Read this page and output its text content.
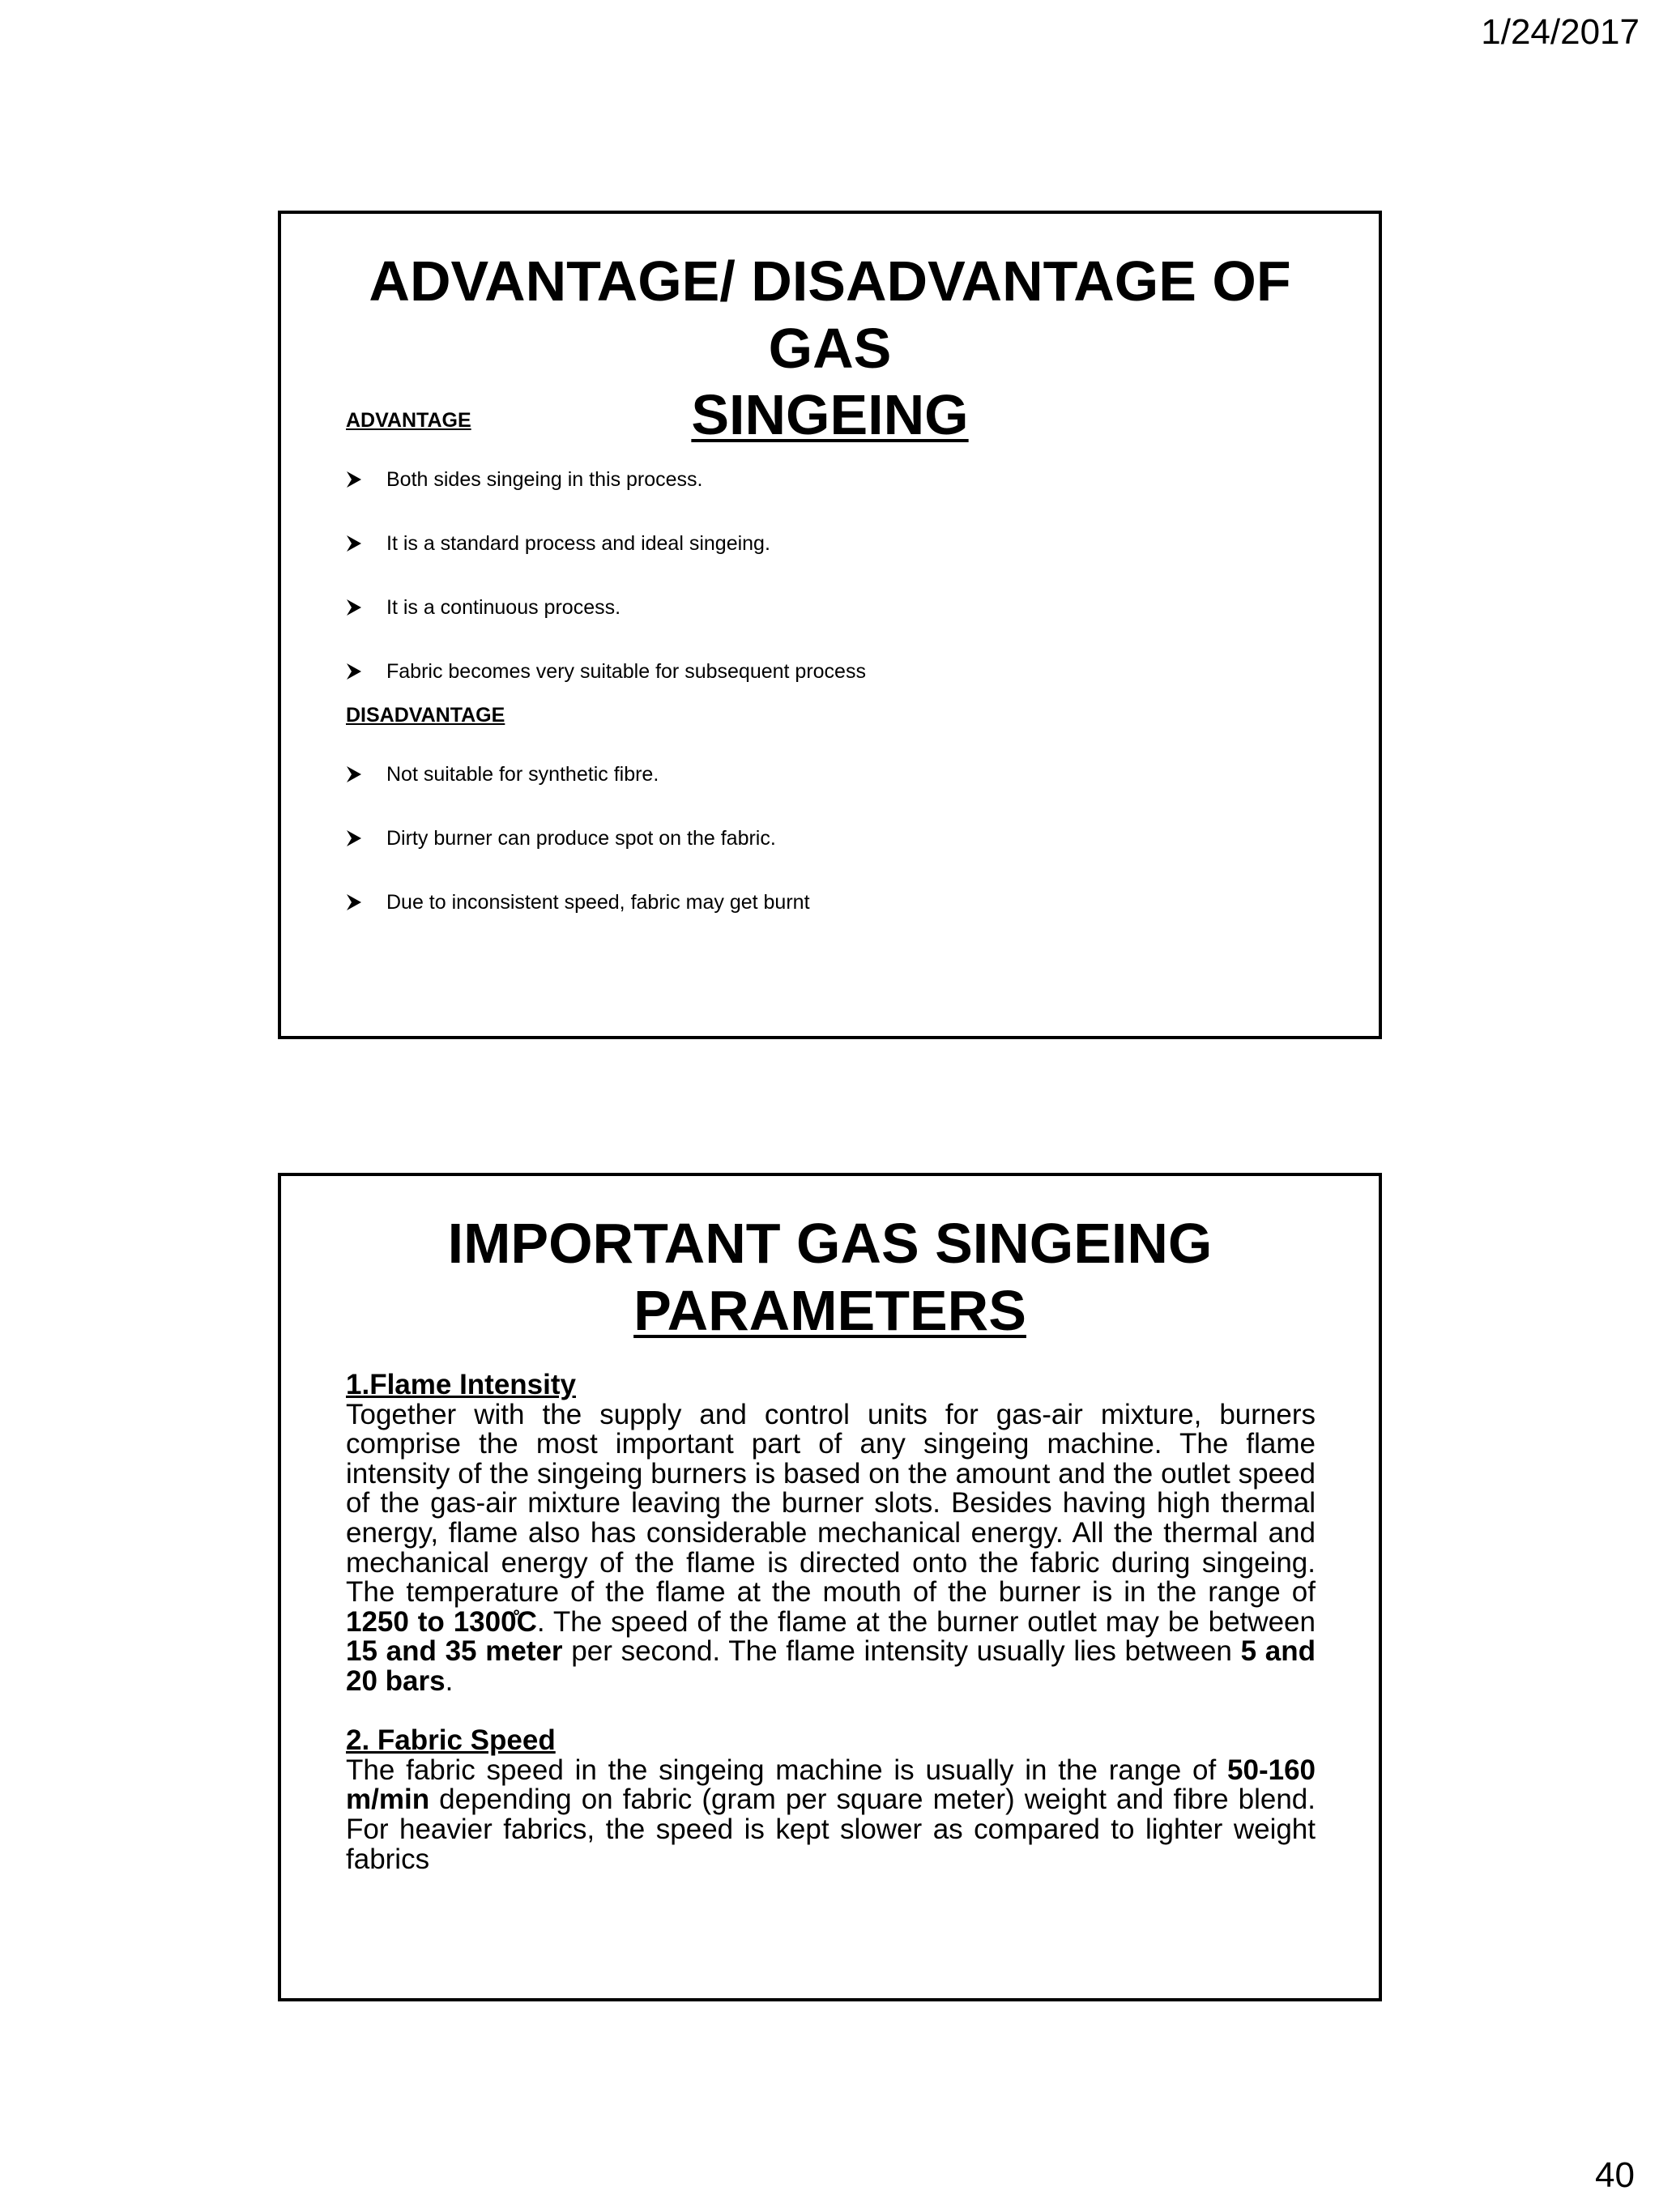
1/24/2017
ADVANTAGE/ DISADVANTAGE OF GAS
SINGEING
ADVANTAGE
Both sides singeing in this process.
It is a standard process and ideal singeing.
It is a continuous process.
Fabric becomes very suitable for subsequent process
DISADVANTAGE
Not suitable for synthetic fibre.
Dirty burner can produce spot on the fabric.
Due to inconsistent speed, fabric may get burnt
IMPORTANT GAS SINGEING
PARAMETERS
1.Flame Intensity

Together with the supply and control units for gas-air mixture, burners comprise the most important part of any singeing machine. The flame intensity of the singeing burners is based on the amount and the outlet speed of the gas-air mixture leaving the burner slots. Besides having high thermal energy, flame also has considerable mechanical energy. All the thermal and mechanical energy of the flame is directed onto the fabric during singeing. The temperature of the flame at the mouth of the burner is in the range of 1250 to 1300̊C. The speed of the flame at the burner outlet may be between 15 and 35 meter per second. The flame intensity usually lies between 5 and 20 bars.

2. Fabric Speed

The fabric speed in the singeing machine is usually in the range of 50-160 m/min depending on fabric (gram per square meter) weight and fibre blend. For heavier fabrics, the speed is kept slower as compared to lighter weight fabrics

40
